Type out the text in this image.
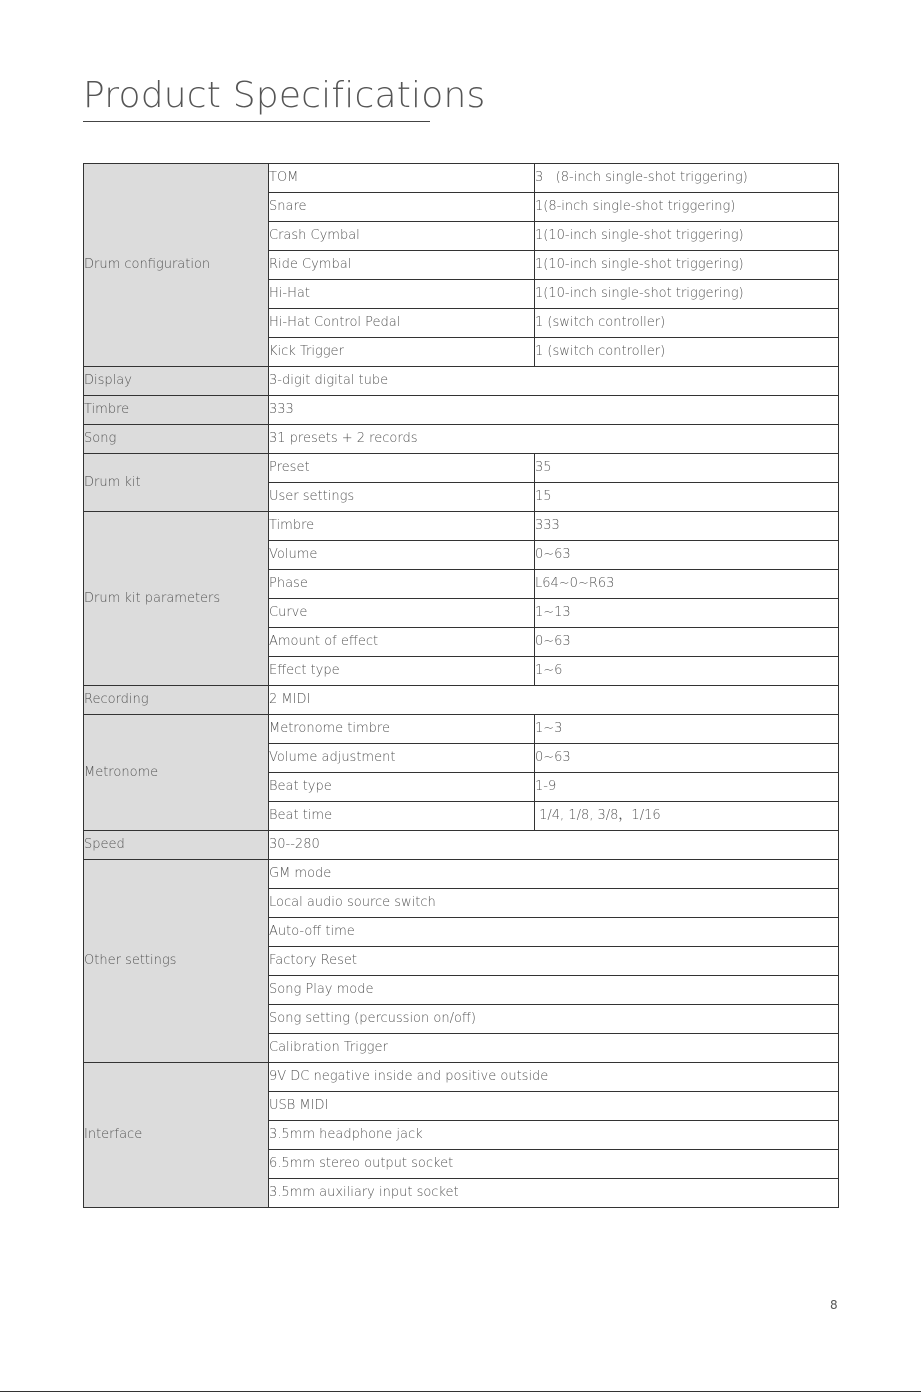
Product Specifications
Drum configuration	TOM	3   (8-inch single-shot triggering)
	Snare	1(8-inch single-shot triggering)
	Crash Cymbal	1(10-inch single-shot triggering)
	Ride Cymbal	1(10-inch single-shot triggering)
	Hi-Hat	1(10-inch single-shot triggering)
	Hi-Hat Control Pedal	1 (switch controller)
	Kick Trigger	1 (switch controller)
Display	3-digit digital tube	
Timbre	333	
Song	31 presets + 2 records	
Drum kit	Preset	35
	User settings	15
Drum kit parameters	Timbre	333
	Volume	0~63
	Phase	L64~0~R63
	Curve	1~13
	Amount of effect	0~63
	Effect type	1~6
Recording	2 MIDI	
Metronome	Metronome timbre	1~3
	Volume adjustment	0~63
	Beat type	1-9
	Beat time	1/4, 1/8, 3/8，1/16
Speed	30--280	
Other settings	GM mode	
	Local audio source switch	
	Auto-off time	
	Factory Reset	
	Song Play mode	
	Song setting (percussion on/off)	
	Calibration Trigger	
Interface	9V DC negative inside and positive outside	
	USB MIDI	
	3.5mm headphone jack	
	6.5mm stereo output socket	
	3.5mm auxiliary input socket	
8
